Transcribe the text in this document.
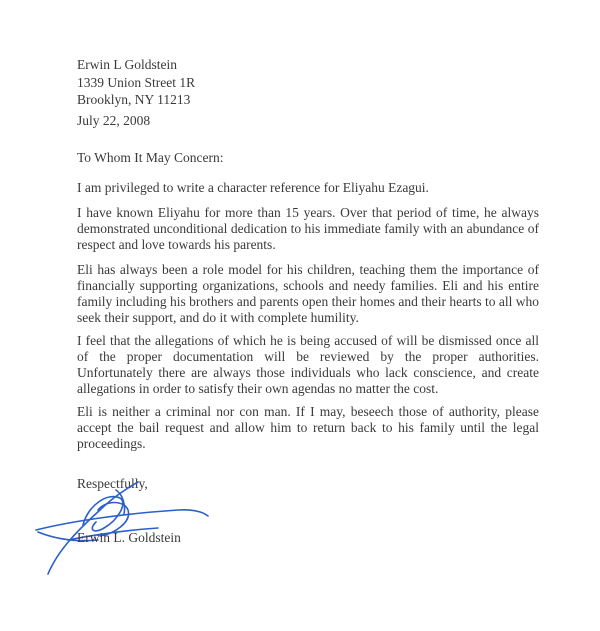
Erwin L Goldstein
1339 Union Street 1R
Brooklyn, NY 11213
July 22, 2008
To Whom It May Concern:
I am privileged to write a character reference for Eliyahu Ezagui.
I have known Eliyahu for more than 15 years. Over that period of time, he always demonstrated unconditional dedication to his immediate family with an abundance of respect and love towards his parents.
Eli has always been a role model for his children, teaching them the importance of financially supporting organizations, schools and needy families. Eli and his entire family including his brothers and parents open their homes and their hearts to all who seek their support, and do it with complete humility.
I feel that the allegations of which he is being accused of will be dismissed once all of the proper documentation will be reviewed by the proper authorities. Unfortunately there are always those individuals who lack conscience, and create allegations in order to satisfy their own agendas no matter the cost.
Eli is neither a criminal nor con man. If I may, beseech those of authority, please accept the bail request and allow him to return back to his family until the legal proceedings.
Respectfully,
Erwin L. Goldstein
